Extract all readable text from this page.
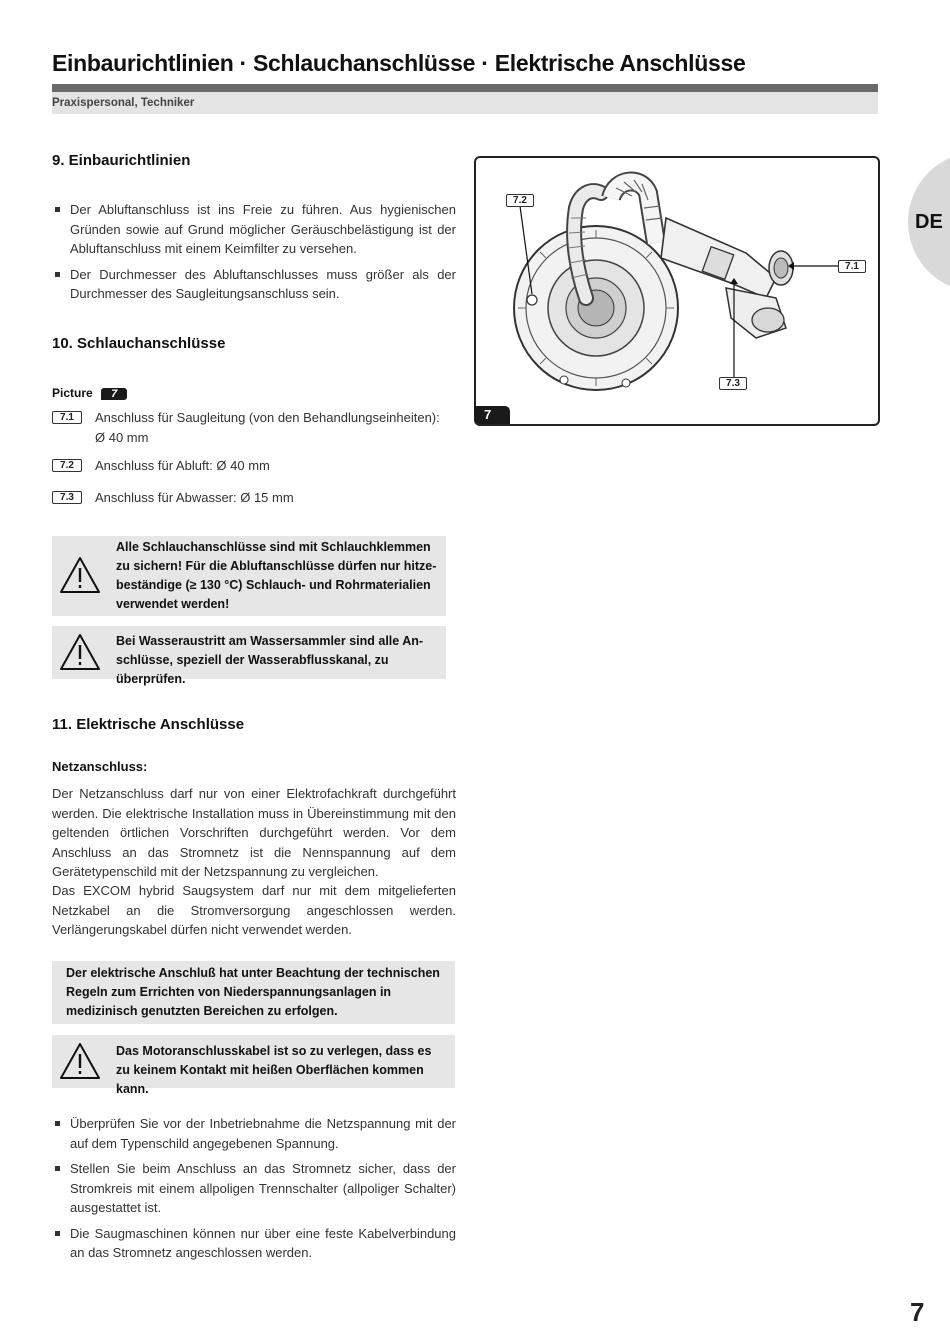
Einbaurichtlinien · Schlauchanschlüsse · Elektrische Anschlüsse
Praxispersonal, Techniker
DE
9. Einbaurichtlinien
Der Abluftanschluss ist ins Freie zu führen. Aus hygienischen Gründen sowie auf Grund möglicher Geräuschbelästigung ist der Abluftanschluss mit einem Keimfilter zu versehen.
Der Durchmesser des Abluftanschlusses muss größer als der Durchmesser des Saugleitungsanschluss sein.
10. Schlauchanschlüsse
Picture 7
7.1	Anschluss für Saugleitung (von den Behandlungseinheiten): Ø 40 mm
7.2	Anschluss für Abluft: Ø 40 mm
7.3	Anschluss für Abwasser: Ø 15 mm
Alle Schlauchanschlüsse sind mit Schlauchklemmen zu sichern! Für die Abluftanschlüsse dürfen nur hitze-beständige (≥ 130 °C) Schlauch- und Rohrmaterialien verwendet werden!
Bei Wasseraustritt am Wassersammler sind alle An-schlüsse, speziell der Wasserabflusskanal, zu überprüfen.
7.2
7.1
7.3
7
11. Elektrische Anschlüsse
Netzanschluss:
Der Netzanschluss darf nur von einer Elektrofachkraft durchgeführt werden. Die elektrische Installation muss in Übereinstimmung mit den geltenden örtlichen Vorschriften durchgeführt werden. Vor dem Anschluss an das Stromnetz ist die Nennspannung auf dem Gerätetypenschild mit der Netzspannung zu vergleichen.
Das EXCOM hybrid Saugsystem darf nur mit dem mitgelieferten Netzkabel an die Stromversorgung angeschlossen werden. Verlängerungskabel dürfen nicht verwendet werden.
Der elektrische Anschluß hat unter Beachtung der technischen Regeln zum Errichten von Niederspannungsanlagen in medizinisch genutzten Bereichen zu erfolgen.
Das Motoranschlusskabel ist so zu verlegen, dass es zu keinem Kontakt mit heißen Oberflächen kommen kann.
Überprüfen Sie vor der Inbetriebnahme die Netzspannung mit der auf dem Typenschild angegebenen Spannung.
Stellen Sie beim Anschluss an das Stromnetz sicher, dass der Stromkreis mit einem allpoligen Trennschalter (allpoliger Schalter) ausgestattet ist.
Die Saugmaschinen können nur über eine feste Kabelverbindung an das Stromnetz angeschlossen werden.
7
